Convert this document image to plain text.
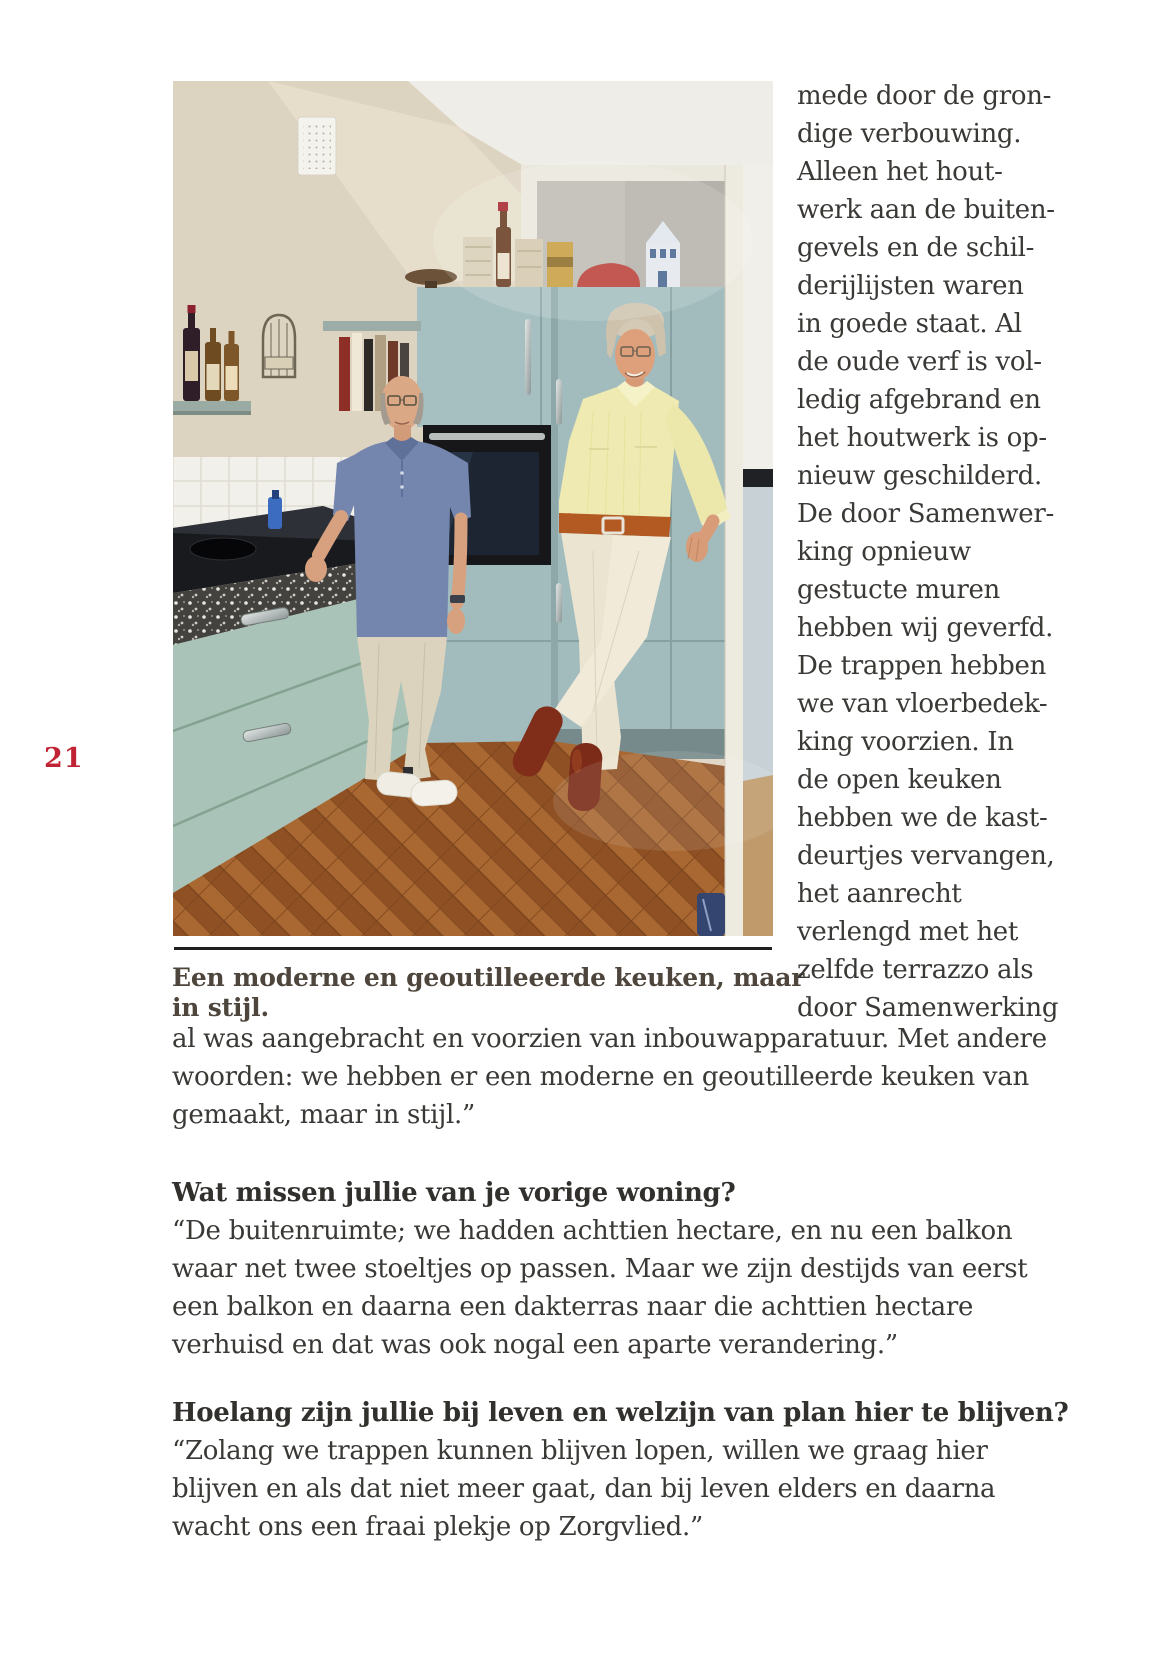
21
Een moderne en geoutilleeerde keuken, maar in stijl.
mede door de gron-
dige verbouwing.
Alleen het hout-
werk aan de buiten-
gevels en de schil-
derijlijsten waren
in goede staat. Al
de oude verf is vol-
ledig afgebrand en
het houtwerk is op-
nieuw geschilderd.
De door Samenwer-
king opnieuw
gestucte muren
hebben wij geverfd.
De trappen hebben
we van vloerbedek-
king voorzien. In
de open keuken
hebben we de kast-
deurtjes vervangen,
het aanrecht
verlengd met het
zelfde terrazzo als
door Samenwerking
al was aangebracht en voorzien van inbouwapparatuur. Met andere
woorden: we hebben er een moderne en geoutilleerde keuken van
gemaakt, maar in stijl.”
Wat missen jullie van je vorige woning?
“De buitenruimte; we hadden achttien hectare, en nu een balkon
waar net twee stoeltjes op passen. Maar we zijn destijds van eerst
een balkon en daarna een dakterras naar die achttien hectare
verhuisd en dat was ook nogal een aparte verandering.”
Hoelang zijn jullie bij leven en welzijn van plan hier te blijven?
“Zolang we trappen kunnen blijven lopen, willen we graag hier
blijven en als dat niet meer gaat, dan bij leven elders en daarna
wacht ons een fraai plekje op Zorgvlied.”
